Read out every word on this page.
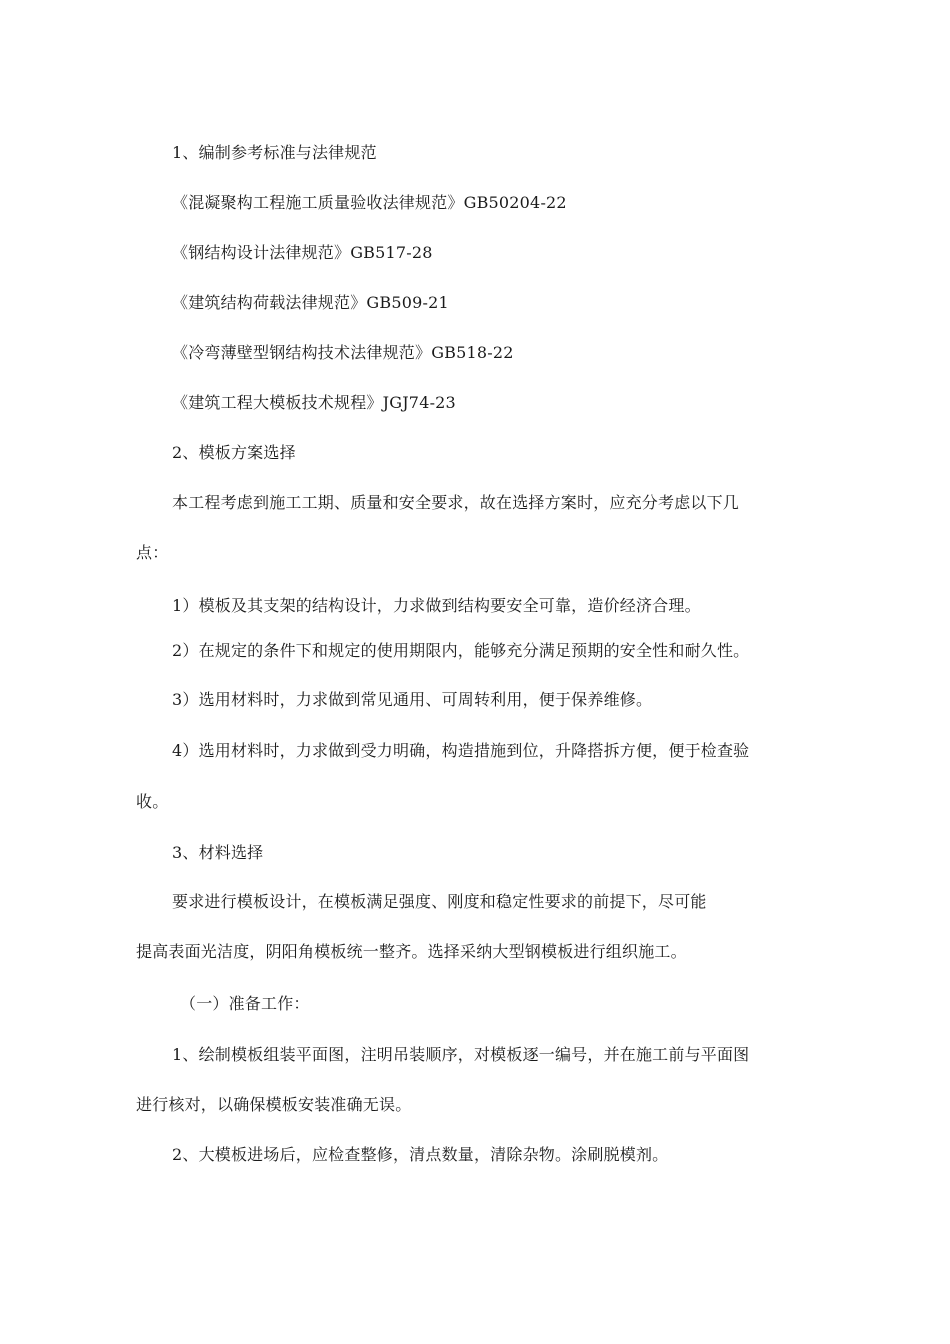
1、编制参考标准与法律规范
《混凝聚构工程施工质量验收法律规范》GB50204-22
《钢结构设计法律规范》GB517-28
《建筑结构荷载法律规范》GB509-21
《冷弯薄壁型钢结构技术法律规范》GB518-22
《建筑工程大模板技术规程》JGJ74-23
2、模板方案选择
本工程考虑到施工工期、质量和安全要求，故在选择方案时，应充分考虑以下几
点：
1）模板及其支架的结构设计，力求做到结构要安全可靠，造价经济合理。
2）在规定的条件下和规定的使用期限内，能够充分满足预期的安全性和耐久性。
3）选用材料时，力求做到常见通用、可周转利用，便于保养维修。
4）选用材料时，力求做到受力明确，构造措施到位，升降搭拆方便，便于检查验
收。
3、材料选择
要求进行模板设计，在模板满足强度、刚度和稳定性要求的前提下，尽可能
提高表面光洁度，阴阳角模板统一整齐。选择采纳大型钢模板进行组织施工。
（一）准备工作：
1、绘制模板组装平面图，注明吊装顺序，对模板逐一编号，并在施工前与平面图
进行核对，以确保模板安装准确无误。
2、大模板进场后，应检查整修，清点数量，清除杂物。涂刷脱模剂。
